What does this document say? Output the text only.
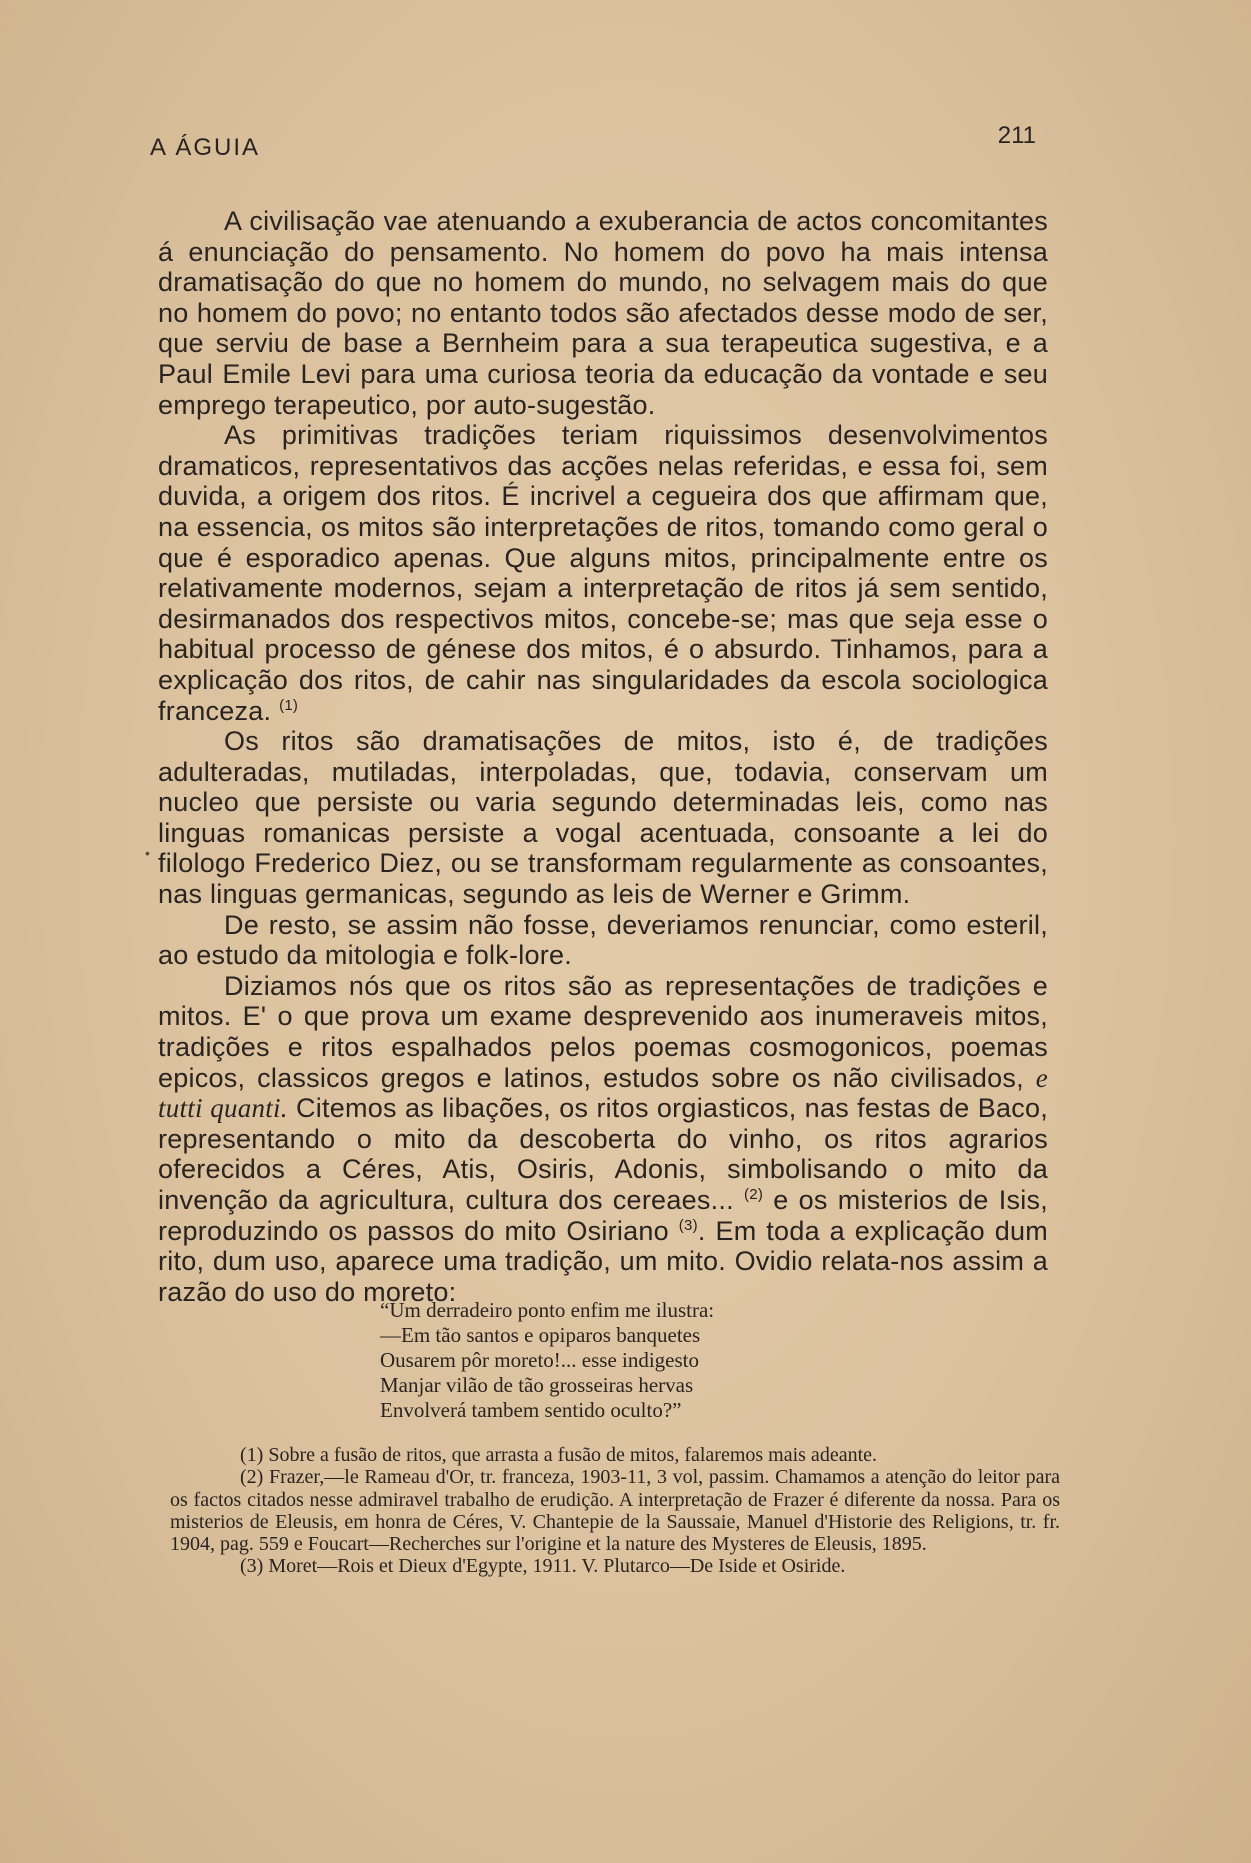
A ÁGUIA	211

A civilisação vae atenuando a exuberancia de actos concomitantes á enunciação do pensamento. No homem do povo ha mais intensa dramatisação do que no homem do mundo, no selvagem mais do que no homem do povo; no entanto todos são afectados desse modo de ser, que serviu de base a Bernheim para a sua terapeutica sugestiva, e a Paul Emile Levi para uma curiosa teoria da educação da vontade e seu emprego terapeutico, por auto-sugestão.

As primitivas tradições teriam riquissimos desenvolvimentos dramaticos, representativos das acções nelas referidas, e essa foi, sem duvida, a origem dos ritos. É incrivel a cegueira dos que affirmam que, na essencia, os mitos são interpretações de ritos, tomando como geral o que é esporadico apenas. Que alguns mitos, principalmente entre os relativamente modernos, sejam a interpretação de ritos já sem sentido, desirmanados dos respectivos mitos, concebe-se; mas que seja esse o habitual processo de génese dos mitos, é o absurdo. Tinhamos, para a explicação dos ritos, de cahir nas singularidades da escola sociologica franceza. $^{(1)}$

Os ritos são dramatisações de mitos, isto é, de tradições adulteradas, mutiladas, interpoladas, que, todavia, conservam um nucleo que persiste ou varia segundo determinadas leis, como nas linguas romanicas persiste a vogal acentuada, consoante a lei do filologo Frederico Diez, ou se transformam regularmente as consoantes, nas linguas germanicas, segundo as leis de Werner e Grimm.

De resto, se assim não fosse, deveriamos renunciar, como esteril, ao estudo da mitologia e folk-lore.

Diziamos nós que os ritos são as representações de tradições e mitos. E' o que prova um exame desprevenido aos inumeraveis mitos, tradições e ritos espalhados pelos poemas cosmogonicos, poemas epicos, classicos gregos e latinos, estudos sobre os não civilisados, e tutti quanti. Citemos as libações, os ritos orgiasticos, nas festas de Baco, representando o mito da descoberta do vinho, os ritos agrarios oferecidos a Céres, Atis, Osiris, Adonis, simbolisando o mito da invenção da agricultura, cultura dos cereaes... $^{(2)}$ e os misterios de Isis, reproduzindo os passos do mito Osiriano $^{(3)}$. Em toda a explicação dum rito, dum uso, aparece uma tradição, um mito. Ovidio relata-nos assim a razão do uso do moreto:

“Um derradeiro ponto enfim me ilustra:
—Em tão santos e opiparos banquetes
Ousarem pôr moreto!... esse indigesto
Manjar vilão de tão grosseiras hervas
Envolverá tambem sentido oculto?”

(1) Sobre a fusão de ritos, que arrasta a fusão de mitos, falaremos mais adeante.

(2) Frazer,—le Rameau d'Or, tr. franceza, 1903-11, 3 vol, passim. Chamamos a atenção do leitor para os factos citados nesse admiravel trabalho de erudição. A interpretação de Frazer é diferente da nossa. Para os misterios de Eleusis, em honra de Céres, V. Chantepie de la Saussaie, Manuel d'Historie des Religions, tr. fr. 1904, pag. 559 e Foucart—Recherches sur l'origine et la nature des Mysteres de Eleusis, 1895.

(3) Moret—Rois et Dieux d'Egypte, 1911. V. Plutarco—De Iside et Osiride.

•
